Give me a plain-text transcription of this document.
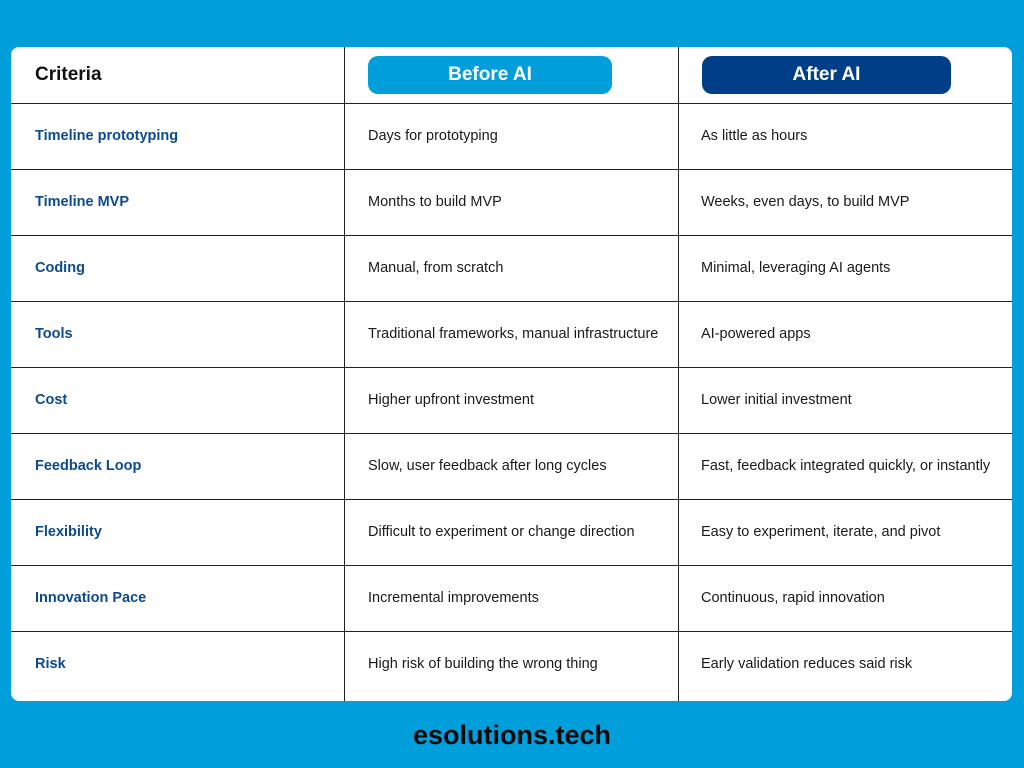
Criteria	Before AI	After AI
Timeline prototyping	Days for prototyping	As little as hours
Timeline MVP	Months to build MVP	Weeks, even days, to build MVP
Coding	Manual, from scratch	Minimal, leveraging AI agents
Tools	Traditional frameworks, manual infrastructure	AI-powered apps
Cost	Higher upfront investment	Lower initial investment
Feedback Loop	Slow, user feedback after long cycles	Fast, feedback integrated quickly, or instantly
Flexibility	Difficult to experiment or change direction	Easy to experiment, iterate, and pivot
Innovation Pace	Incremental improvements	Continuous, rapid innovation
Risk	High risk of building the wrong thing	Early validation reduces said risk
esolutions.tech
